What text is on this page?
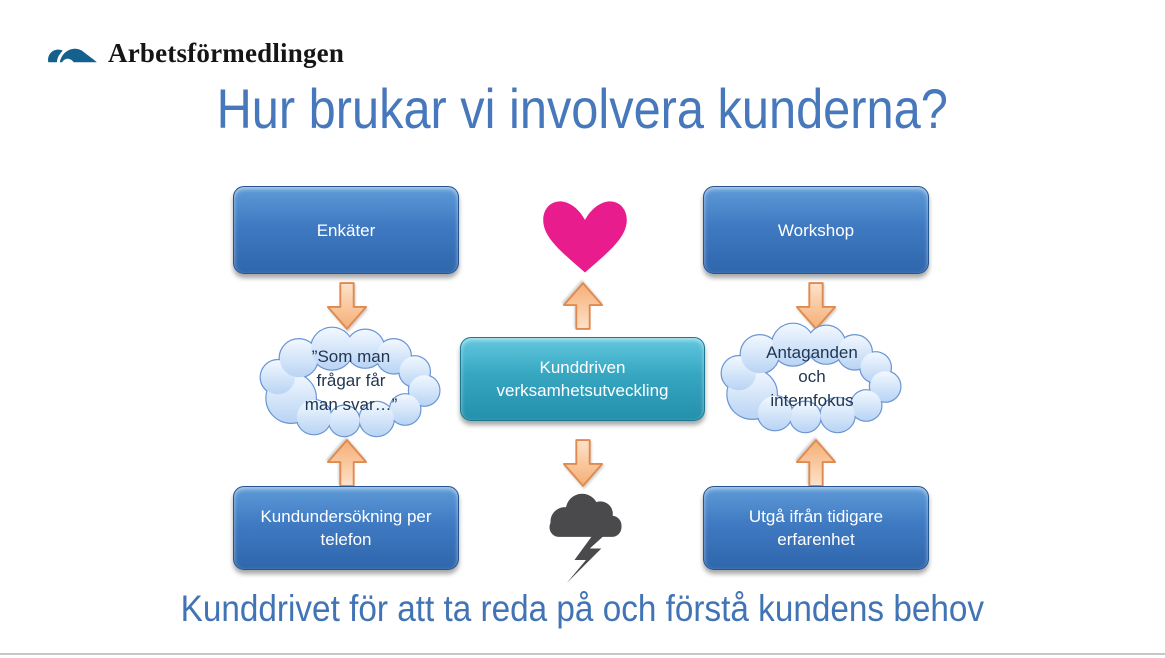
Arbetsförmedlingen
Hur brukar vi involvera kunderna?
Enkäter	Workshop
”Som man frågar får man svar…”
Kunddriven verksamhetsutveckling
Antaganden och internfokus
Kundundersökning per telefon
Utgå ifrån tidigare erfarenhet
Kunddrivet för att ta reda på och förstå kundens behov
